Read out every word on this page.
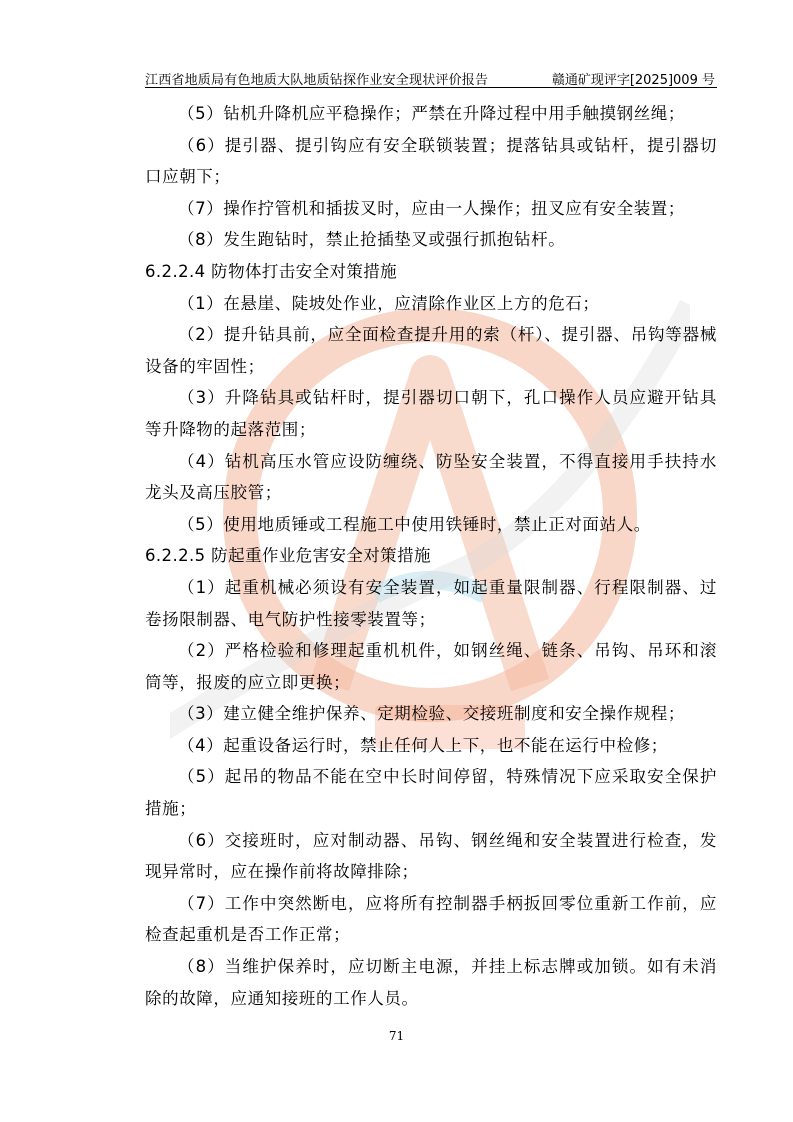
江西省地质局有色地质大队地质钻探作业安全现状评价报告	赣通矿现评字[2025]009 号

（5）钻机升降机应平稳操作；严禁在升降过程中用手触摸钢丝绳；

（6）提引器、提引钩应有安全联锁装置；提落钻具或钻杆，提引器切口应朝下；

（7）操作拧管机和插拔叉时，应由一人操作；扭叉应有安全装置；

（8）发生跑钻时，禁止抢插垫叉或强行抓抱钻杆。

6.2.2.4 防物体打击安全对策措施

（1）在悬崖、陡坡处作业，应清除作业区上方的危石；

（2）提升钻具前，应全面检查提升用的索（杆）、提引器、吊钩等器械设备的牢固性；

（3）升降钻具或钻杆时，提引器切口朝下，孔口操作人员应避开钻具等升降物的起落范围；

（4）钻机高压水管应设防缠绕、防坠安全装置，不得直接用手扶持水龙头及高压胶管；

（5）使用地质锤或工程施工中使用铁锤时，禁止正对面站人。

6.2.2.5 防起重作业危害安全对策措施

（1）起重机械必须设有安全装置，如起重量限制器、行程限制器、过卷扬限制器、电气防护性接零装置等；

（2）严格检验和修理起重机机件，如钢丝绳、链条、吊钩、吊环和滚筒等，报废的应立即更换；

（3）建立健全维护保养、定期检验、交接班制度和安全操作规程；

（4）起重设备运行时，禁止任何人上下，也不能在运行中检修；

（5）起吊的物品不能在空中长时间停留，特殊情况下应采取安全保护措施；

（6）交接班时，应对制动器、吊钩、钢丝绳和安全装置进行检查，发现异常时，应在操作前将故障排除；

（7）工作中突然断电，应将所有控制器手柄扳回零位重新工作前，应检查起重机是否工作正常；

（8）当维护保养时，应切断主电源，并挂上标志牌或加锁。如有未消除的故障，应通知接班的工作人员。

71
